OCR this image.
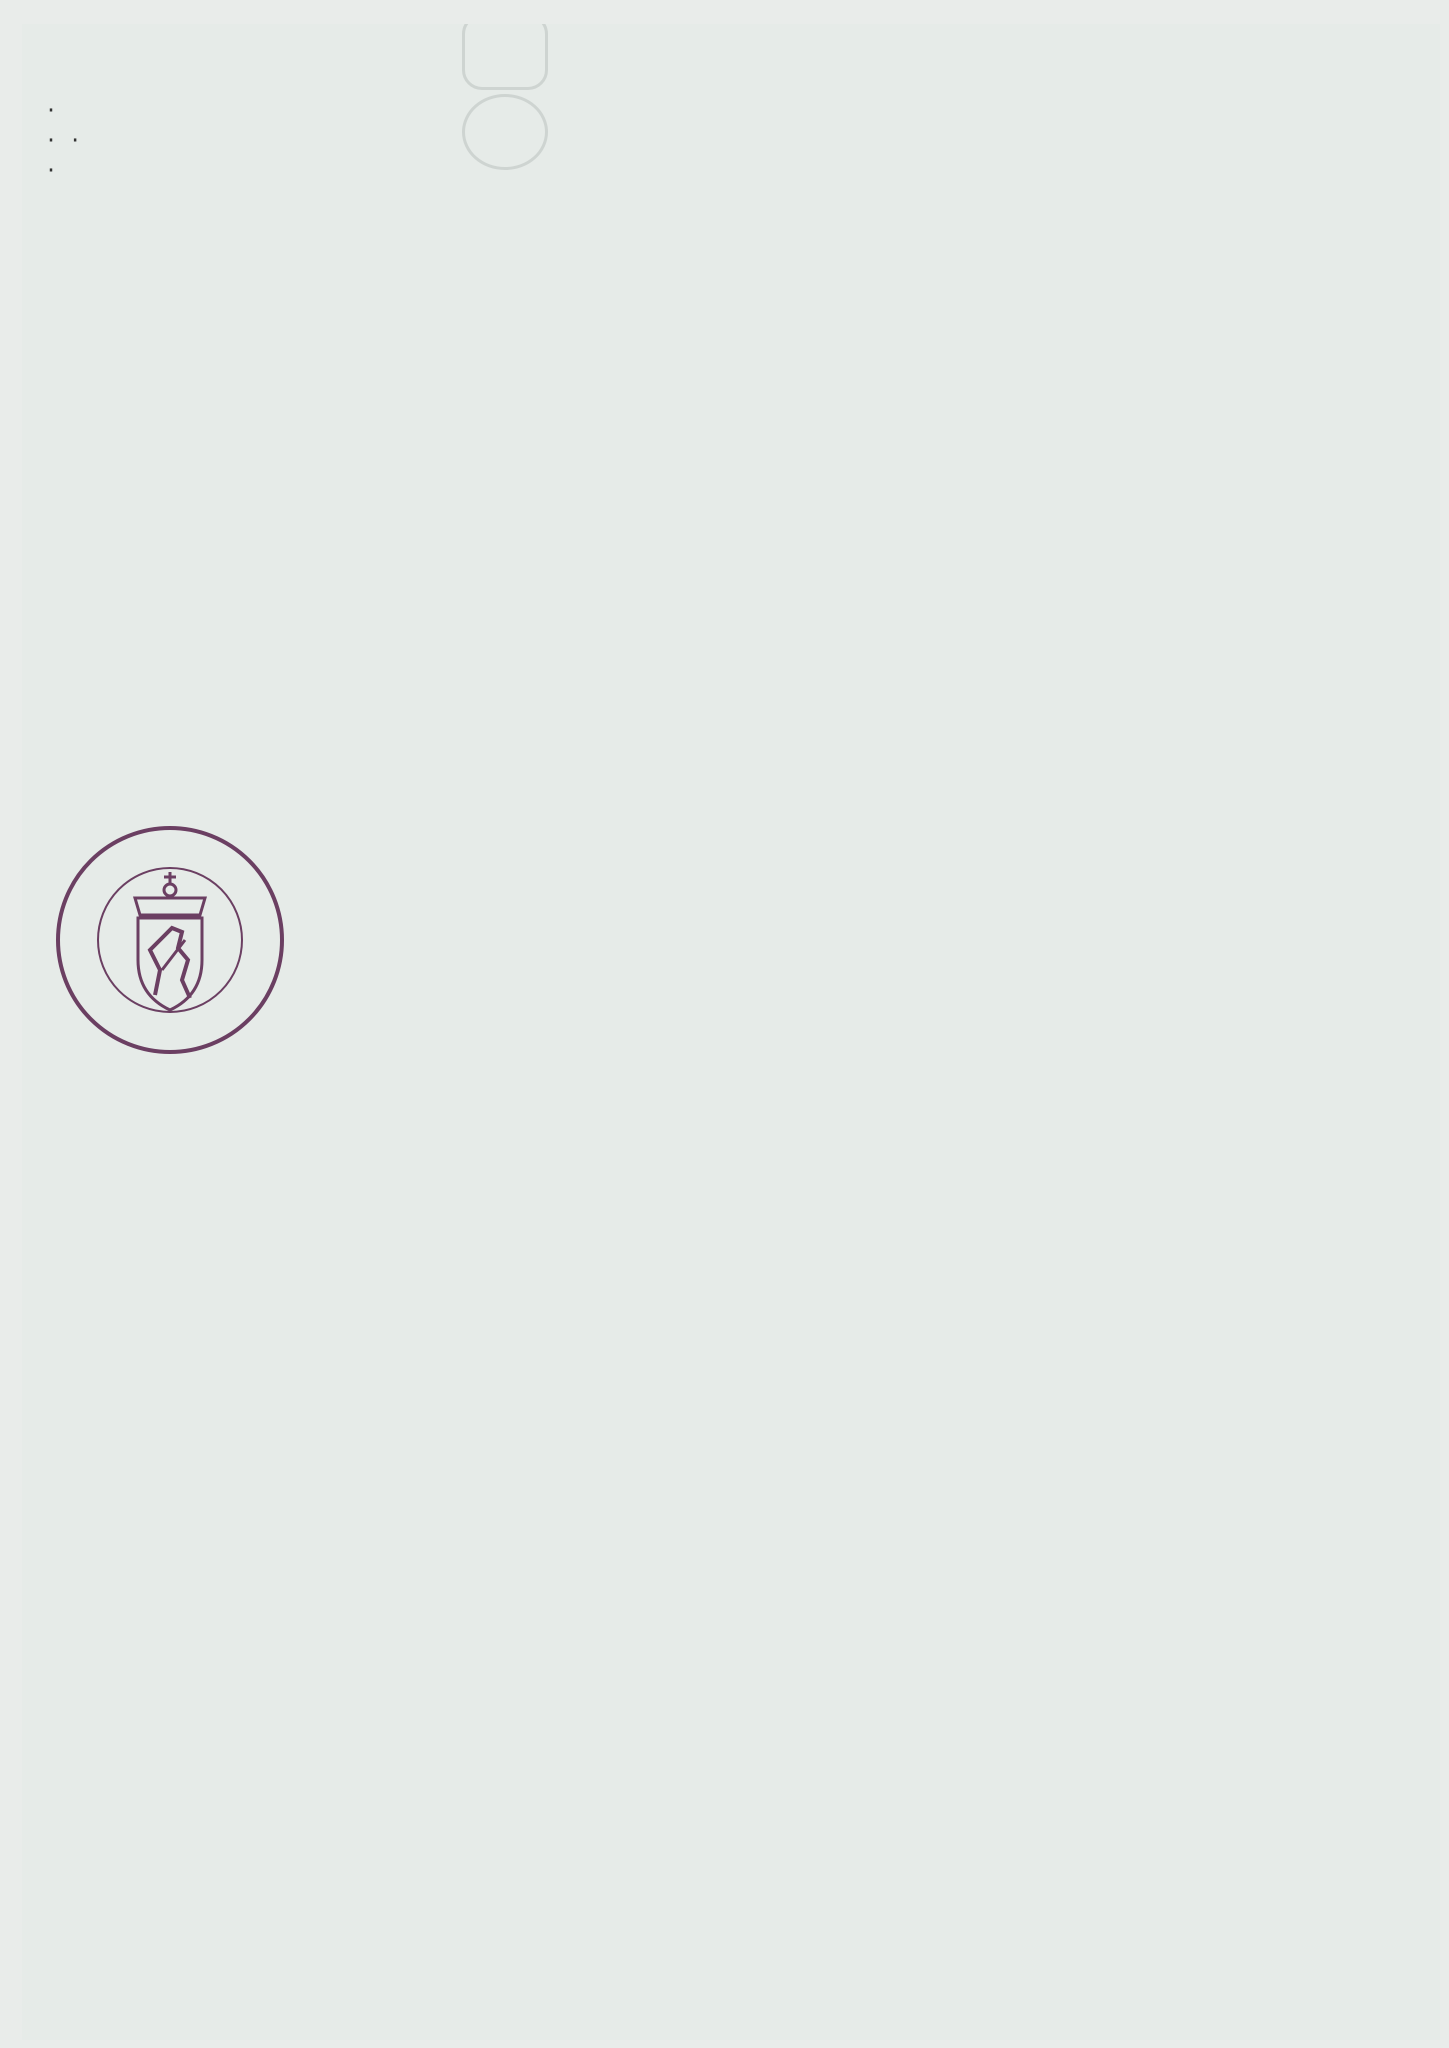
·
· ·
·
